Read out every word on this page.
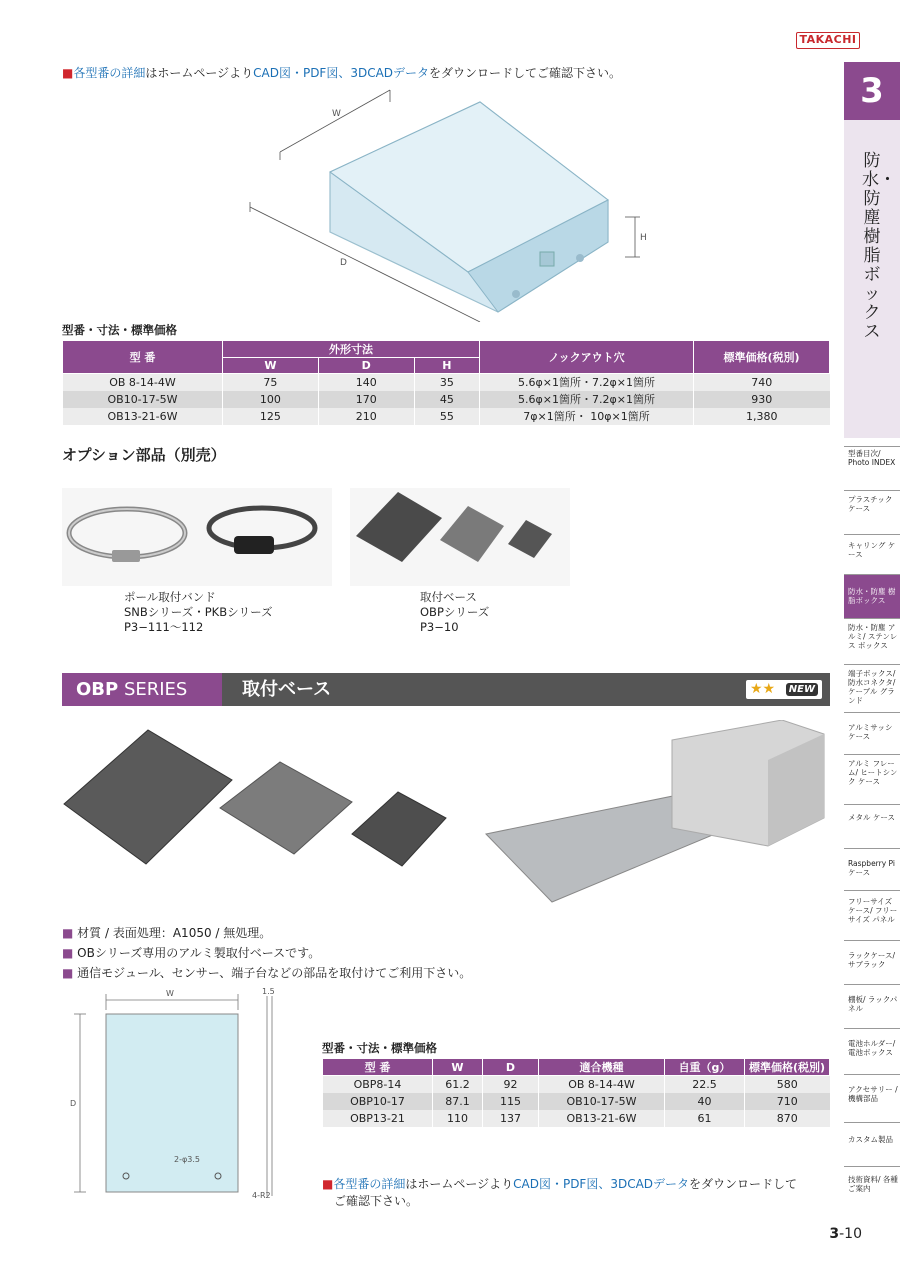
TAKACHI
■各型番の詳細はホームページよりCAD図・PDF図、3DCADデータをダウンロードしてご確認下さい。
W
D
H
型番・寸法・標準価格
型 番	外形寸法			ノックアウト穴	標準価格(税別)
	W	D	H		
OB 8-14-4W	75	140	35	5.6φ×1箇所・7.2φ×1箇所	740
OB10-17-5W	100	170	45	5.6φ×1箇所・7.2φ×1箇所	930
OB13-21-6W	125	210	55	7φ×1箇所・ 10φ×1箇所	1,380
オプション部品（別売）
ポール取付バンド
SNBシリーズ・PKBシリーズ
P3−111〜112
取付ベース
OBPシリーズ
P3−10
OBP SERIES	取付ベース	★★	NEW
■ 材質 / 表面処理：A1050 / 無処理。
■ OBシリーズ専用のアルミ製取付ベースです。
■ 通信モジュール、センサー、端子台などの部品を取付けてご利用下さい。
W	1.5
D
2-φ3.5
4-R2
型番・寸法・標準価格
型 番	W	D	適合機種	自重（g）	標準価格(税別)
OBP8-14	61.2	92	OB 8-14-4W	22.5	580
OBP10-17	87.1	115	OB10-17-5W	40	710
OBP13-21	110	137	OB13-21-6W	61	870
■各型番の詳細はホームページよりCAD図・PDF図、3DCADデータをダウンロードして
ご確認下さい。
3
防水・防塵樹脂ボックス
型番目次/ Photo INDEX
プラスチック ケース
キャリング ケース
防水・防塵 樹脂ボックス
防水・防塵 アルミ/ ステンレス ボックス
端子ボックス/ 防水コネクタ/ ケーブル グランド
アルミサッシ ケース
アルミ フレーム/ ヒートシンク ケース
メタル ケース
Raspberry Piケース
フリーサイズ ケース/ フリーサイズ パネル
ラックケース/ サブラック
棚板/ ラックパネル
電池ホルダー/ 電池ボックス
アクセサリー /機構部品
カスタム製品
技術資料/ 各種ご案内
3-10
